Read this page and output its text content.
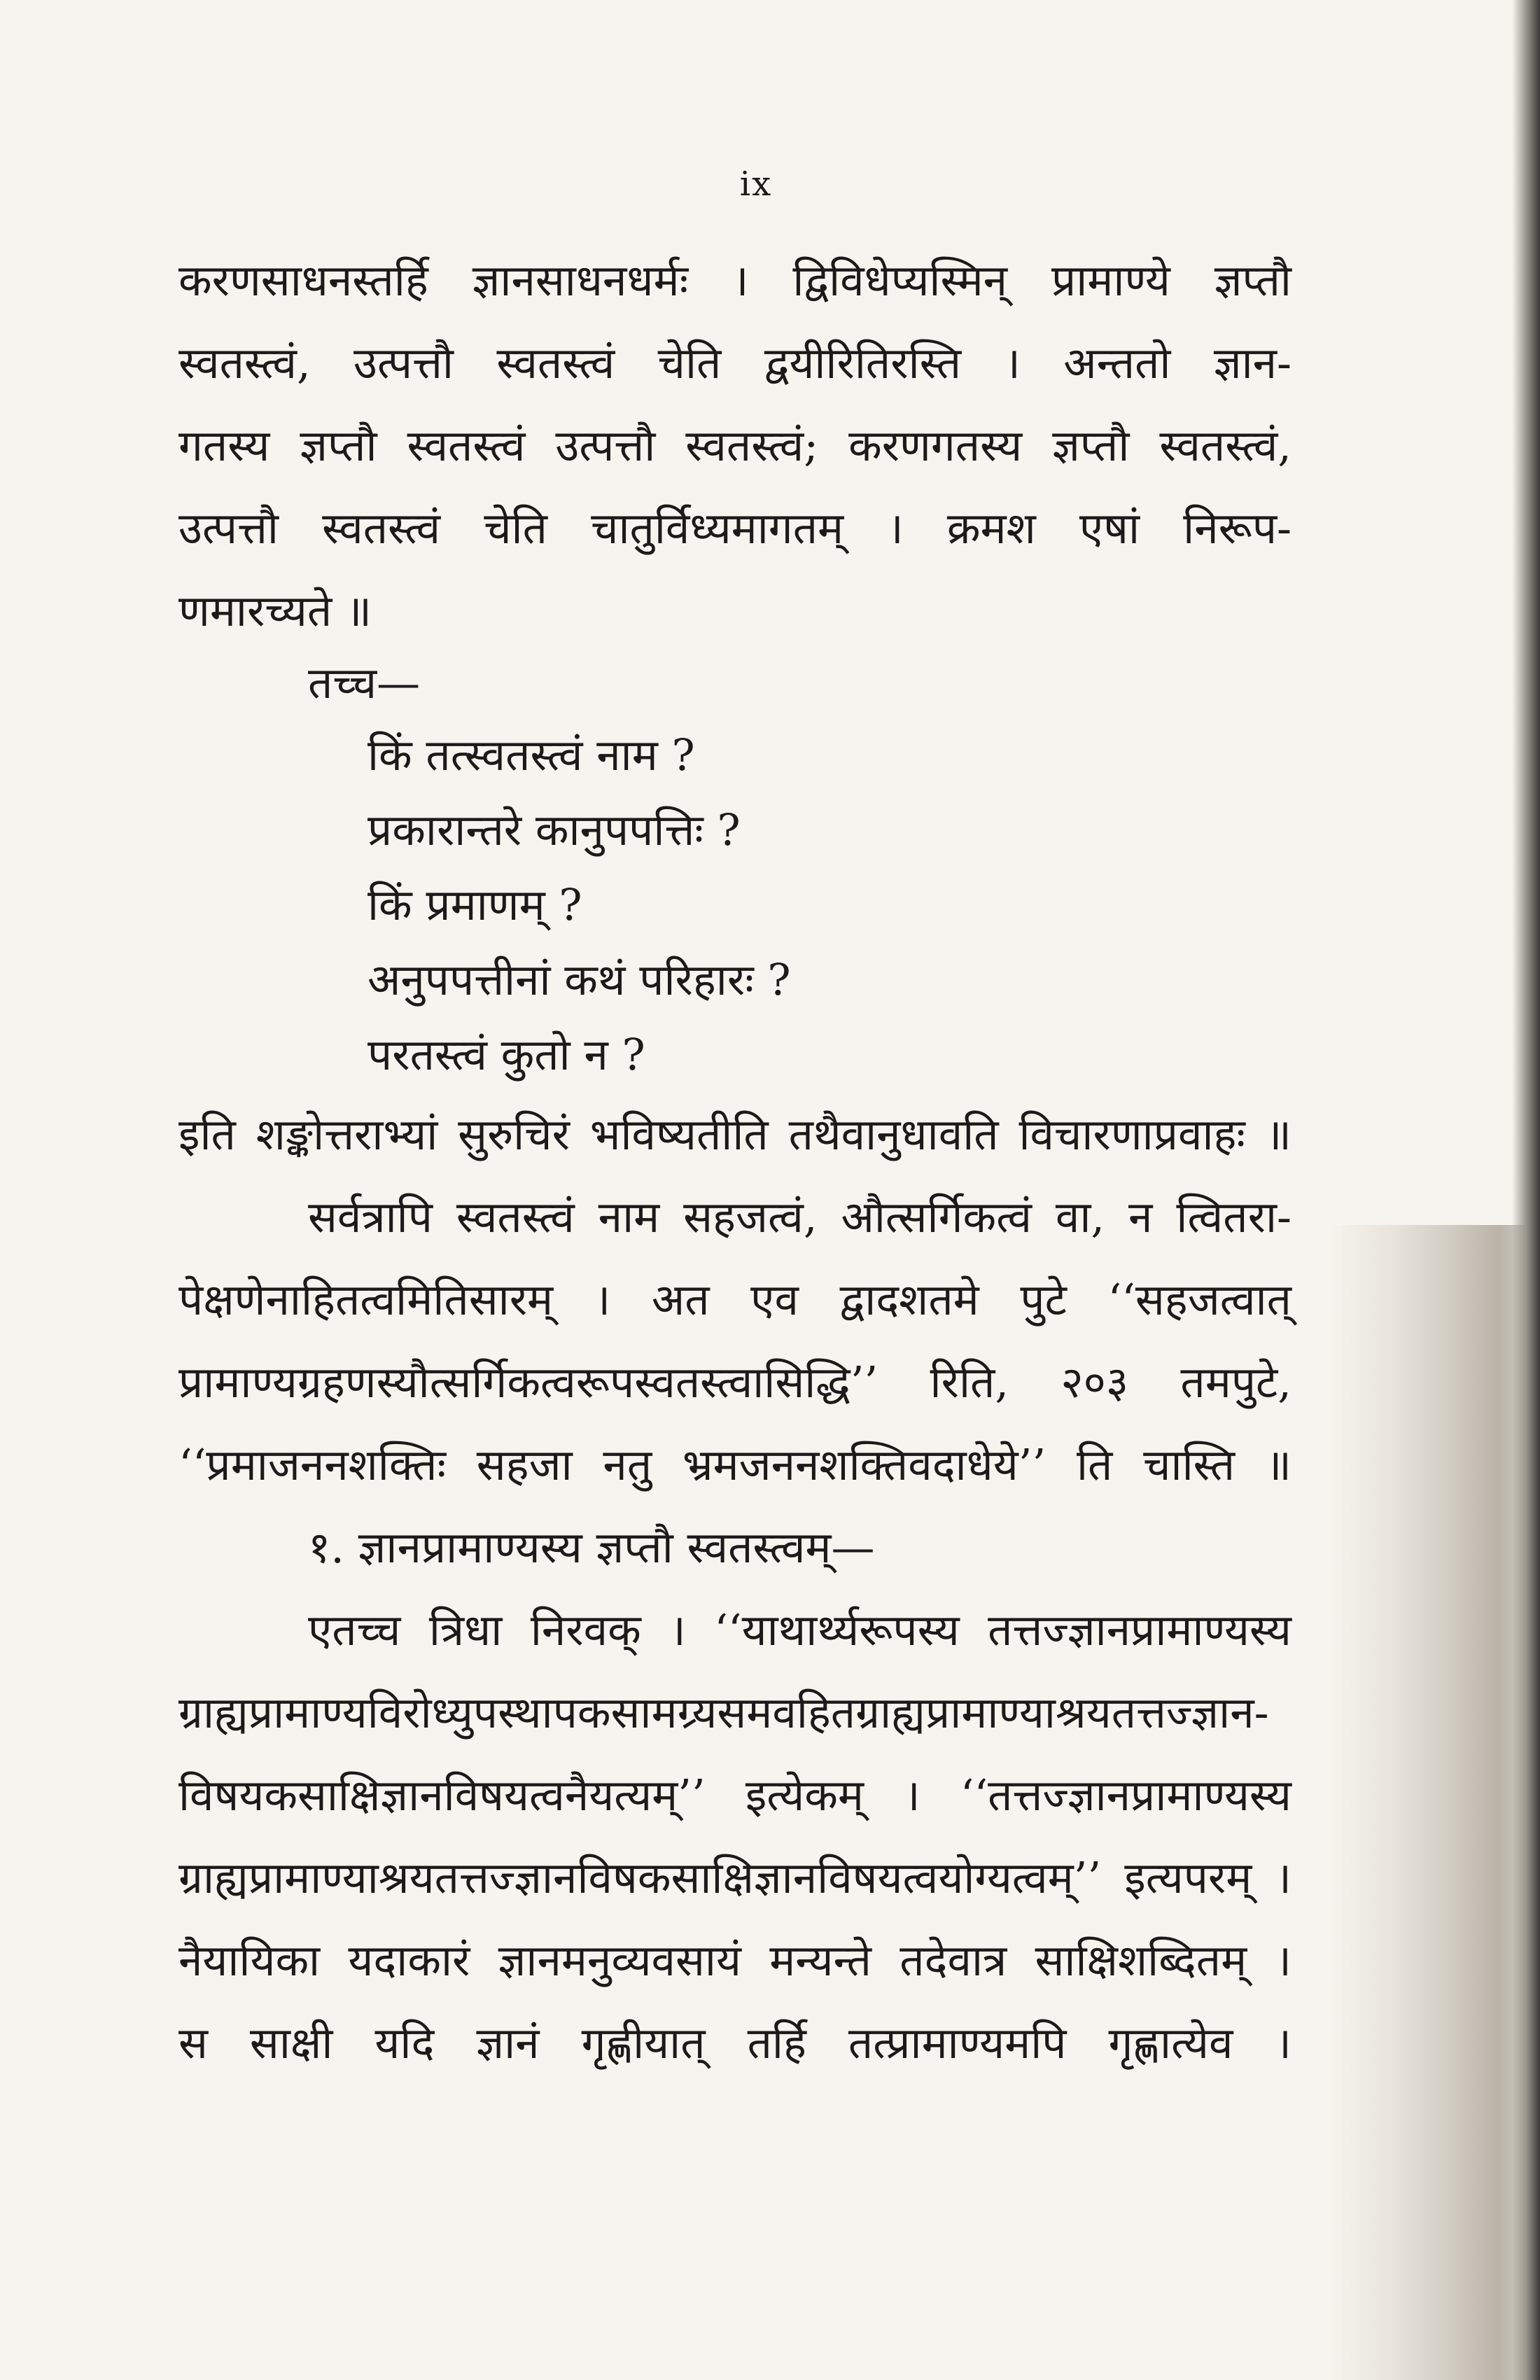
ix
करणसाधनस्तर्हि ज्ञानसाधनधर्मः । द्विविधेप्यस्मिन् प्रामाण्ये ज्ञप्तौ
स्वतस्त्वं, उत्पत्तौ स्वतस्त्वं चेति द्वयीरितिरस्ति । अन्ततो ज्ञान-
गतस्य ज्ञप्तौ स्वतस्त्वं उत्पत्तौ स्वतस्त्वं; करणगतस्य ज्ञप्तौ स्वतस्त्वं,
उत्पत्तौ स्वतस्त्वं चेति चातुर्विध्यमागतम् । क्रमश एषां निरूप-
णमारच्यते ॥
तच्च—
किं तत्स्वतस्त्वं नाम ?
प्रकारान्तरे कानुपपत्तिः ?
किं प्रमाणम् ?
अनुपपत्तीनां कथं परिहारः ?
परतस्त्वं कुतो न ?
इति शङ्कोत्तराभ्यां सुरुचिरं भविष्यतीति तथैवानुधावति विचारणाप्रवाहः ॥
सर्वत्रापि स्वतस्त्वं नाम सहजत्वं, औत्सर्गिकत्वं वा, न त्वितरा-
पेक्षणेनाहितत्वमितिसारम् । अत एव द्वादशतमे पुटे ‘‘सहजत्वात्
प्रामाण्यग्रहणस्यौत्सर्गिकत्वरूपस्वतस्त्वासिद्धि’’ रिति, २०३ तमपुटे,
‘‘प्रमाजननशक्तिः सहजा नतु भ्रमजननशक्तिवदाधेये’’ ति चास्ति ॥
१. ज्ञानप्रामाण्यस्य ज्ञप्तौ स्वतस्त्वम्—
एतच्च त्रिधा निरवक् । ‘‘याथार्थ्यरूपस्य तत्तज्ज्ञानप्रामाण्यस्य
ग्राह्यप्रामाण्यविरोध्युपस्थापकसामग्र्यसमवहितग्राह्यप्रामाण्याश्रयतत्तज्ज्ञान-
विषयकसाक्षिज्ञानविषयत्वनैयत्यम्’’ इत्येकम् । ‘‘तत्तज्ज्ञानप्रामाण्यस्य
ग्राह्यप्रामाण्याश्रयतत्तज्ज्ञानविषकसाक्षिज्ञानविषयत्वयोग्यत्वम्’’ इत्यपरम् ।
नैयायिका यदाकारं ज्ञानमनुव्यवसायं मन्यन्ते तदेवात्र साक्षिशब्दितम् ।
स साक्षी यदि ज्ञानं गृह्णीयात् तर्हि तत्प्रामाण्यमपि गृह्णात्येव ।
